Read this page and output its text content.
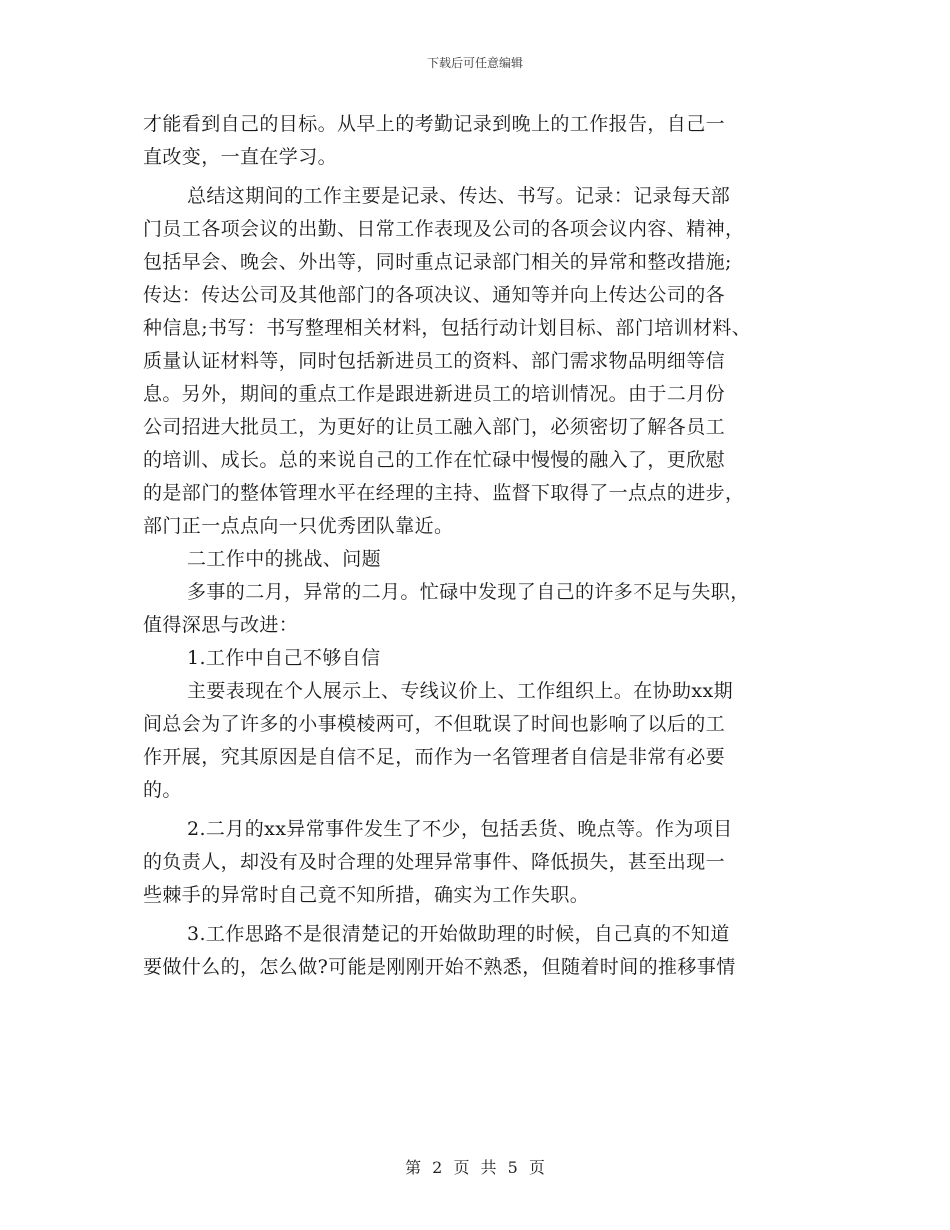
下载后可任意编辑
才能看到自己的目标。从早上的考勤记录到晚上的工作报告，自己一
直改变，一直在学习。
总结这期间的工作主要是记录、传达、书写。记录：记录每天部
门员工各项会议的出勤、日常工作表现及公司的各项会议内容、精神，
包括早会、晚会、外出等，同时重点记录部门相关的异常和整改措施;
传达：传达公司及其他部门的各项决议、通知等并向上传达公司的各
种信息;书写：书写整理相关材料，包括行动计划目标、部门培训材料、
质量认证材料等，同时包括新进员工的资料、部门需求物品明细等信
息。另外，期间的重点工作是跟进新进员工的培训情况。由于二月份
公司招进大批员工，为更好的让员工融入部门，必须密切了解各员工
的培训、成长。总的来说自己的工作在忙碌中慢慢的融入了，更欣慰
的是部门的整体管理水平在经理的主持、监督下取得了一点点的进步，
部门正一点点向一只优秀团队靠近。
二工作中的挑战、问题
多事的二月，异常的二月。忙碌中发现了自己的许多不足与失职，
值得深思与改进：
1.工作中自己不够自信
主要表现在个人展示上、专线议价上、工作组织上。在协助xx期
间总会为了许多的小事模棱两可，不但耽误了时间也影响了以后的工
作开展，究其原因是自信不足，而作为一名管理者自信是非常有必要
的。
2.二月的xx异常事件发生了不少，包括丢货、晚点等。作为项目
的负责人，却没有及时合理的处理异常事件、降低损失，甚至出现一
些棘手的异常时自己竟不知所措，确实为工作失职。
3.工作思路不是很清楚记的开始做助理的时候，自己真的不知道
要做什么的，怎么做?可能是刚刚开始不熟悉，但随着时间的推移事情
第 2 页 共 5 页
